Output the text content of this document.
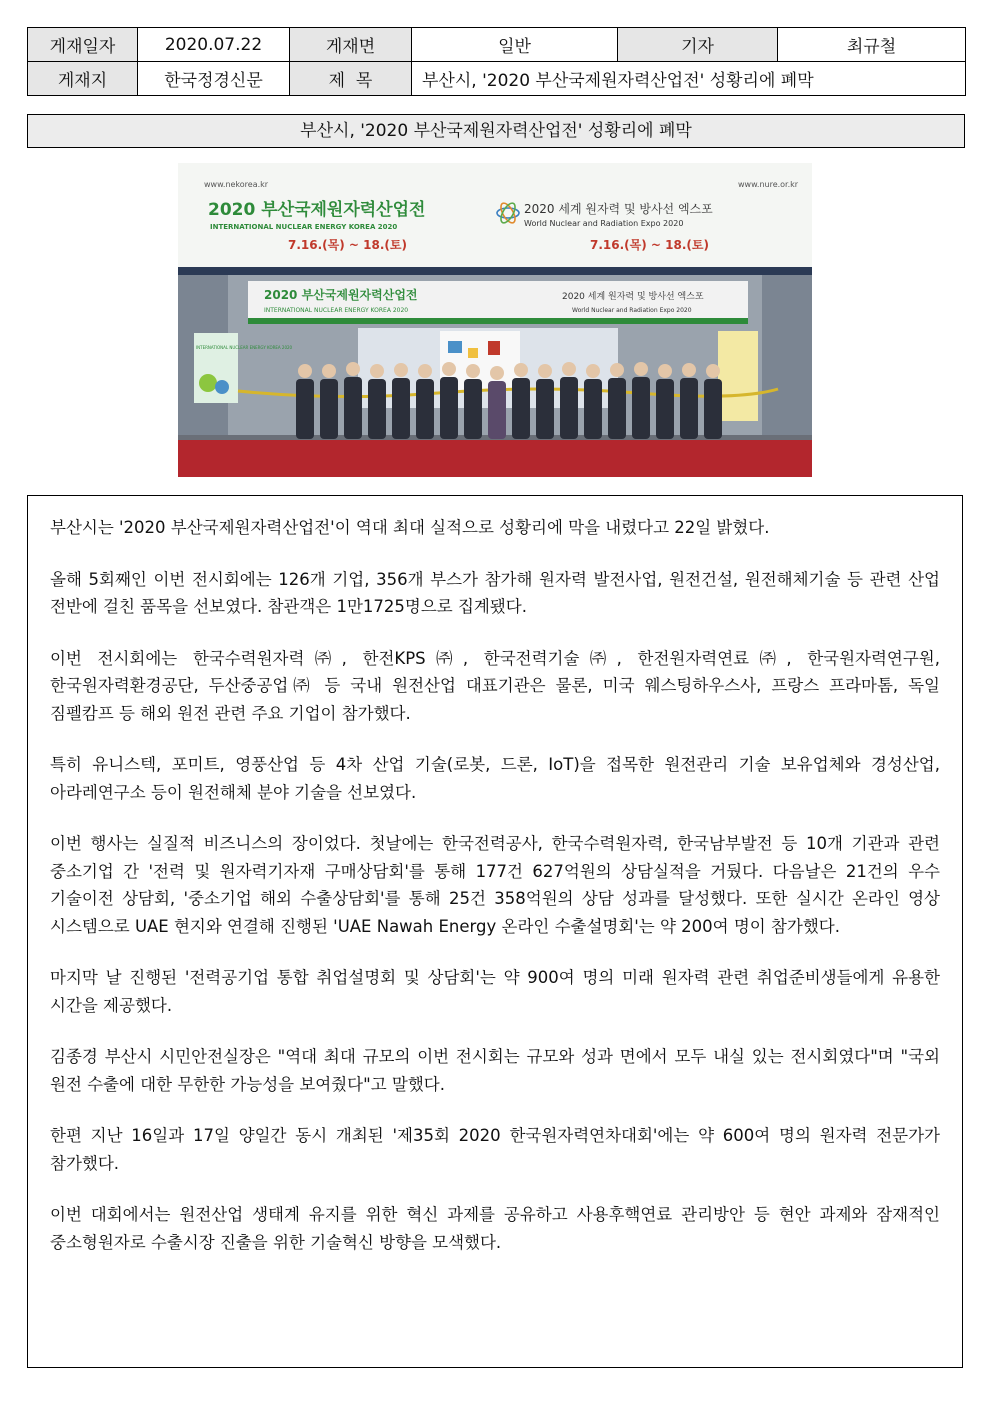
게재일자	2020.07.22	게재면	일반	기자	최규철
게재지	한국정경신문	제  목	부산시, '2020 부산국제원자력산업전' 성황리에 폐막		
부산시, '2020 부산국제원자력산업전' 성황리에 폐막
www.nekorea.kr	www.nure.or.kr
2020 부산국제원자력산업전
INTERNATIONAL NUCLEAR ENERGY KOREA 2020
7.16.(목) ~ 18.(토)
2020 세계 원자력 및 방사선 엑스포
World Nuclear and Radiation Expo 2020
7.16.(목) ~ 18.(토)
2020 부산국제원자력산업전
INTERNATIONAL NUCLEAR ENERGY KOREA 2020
2020 세계 원자력 및 방사선 엑스포
World Nuclear and Radiation Expo 2020
INTERNATIONAL NUCLEAR ENERGY KOREA 2020

부산시는 '2020 부산국제원자력산업전'이 역대 최대 실적으로 성황리에 막을 내렸다고 22일 밝혔다.

올해 5회째인 이번 전시회에는 126개 기업, 356개 부스가 참가해 원자력 발전사업, 원전건설, 원전해체기술 등 관련 산업 전반에 걸친 품목을 선보였다. 참관객은 1만1725명으로 집계됐다.

이번 전시회에는 한국수력원자력㈜, 한전KPS㈜, 한국전력기술㈜, 한전원자력연료㈜, 한국원자력연구원, 한국원자력환경공단, 두산중공업㈜ 등 국내 원전산업 대표기관은 물론, 미국 웨스팅하우스사, 프랑스 프라마톰, 독일 짐펠캄프 등 해외 원전 관련 주요 기업이 참가했다.

특히 유니스텍, 포미트, 영풍산업 등 4차 산업 기술(로봇, 드론, IoT)을 접목한 원전관리 기술 보유업체와 경성산업, 아라레연구소 등이 원전해체 분야 기술을 선보였다.

이번 행사는 실질적 비즈니스의 장이었다. 첫날에는 한국전력공사, 한국수력원자력, 한국남부발전 등 10개 기관과 관련 중소기업 간 '전력 및 원자력기자재 구매상담회'를 통해 177건 627억원의 상담실적을 거뒀다. 다음날은 21건의 우수 기술이전 상담회, '중소기업 해외 수출상담회'를 통해 25건 358억원의 상담 성과를 달성했다. 또한 실시간 온라인 영상 시스템으로 UAE 현지와 연결해 진행된 'UAE Nawah Energy 온라인 수출설명회'는 약 200여 명이 참가했다.

마지막 날 진행된 '전력공기업 통합 취업설명회 및 상담회'는 약 900여 명의 미래 원자력 관련 취업준비생들에게 유용한 시간을 제공했다.

김종경 부산시 시민안전실장은 "역대 최대 규모의 이번 전시회는 규모와 성과 면에서 모두 내실 있는 전시회였다"며 "국외 원전 수출에 대한 무한한 가능성을 보여줬다"고 말했다.

한편 지난 16일과 17일 양일간 동시 개최된 '제35회 2020 한국원자력연차대회'에는 약 600여 명의 원자력 전문가가 참가했다.

이번 대회에서는 원전산업 생태계 유지를 위한 혁신 과제를 공유하고 사용후핵연료 관리방안 등 현안 과제와 잠재적인 중소형원자로 수출시장 진출을 위한 기술혁신 방향을 모색했다.
